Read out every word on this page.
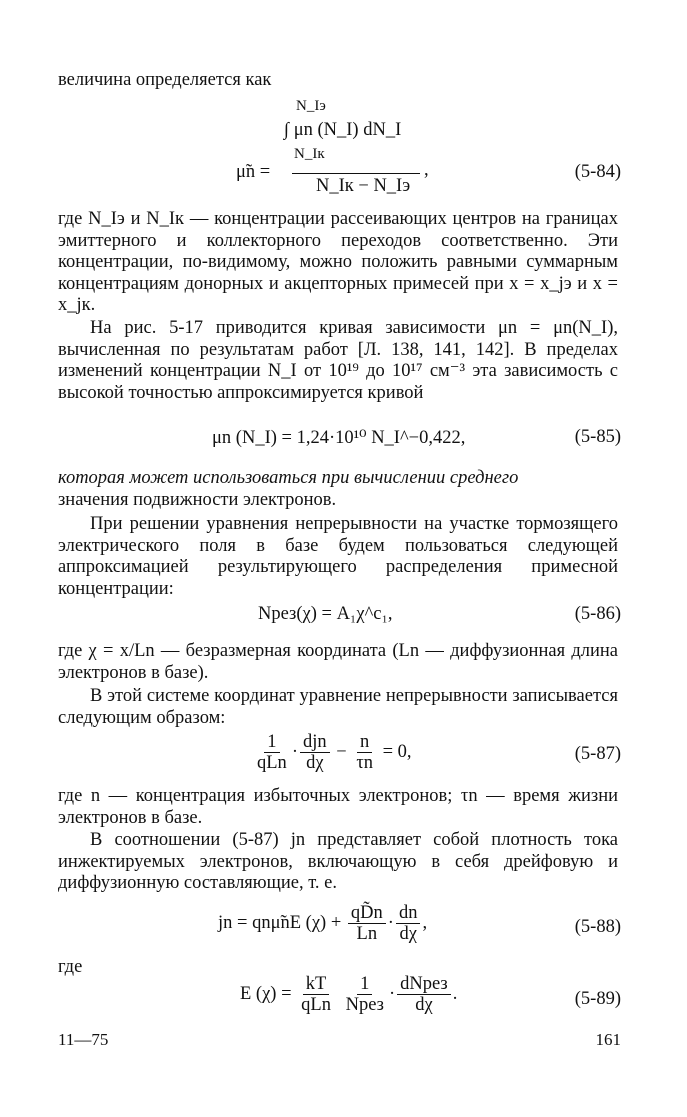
величина определяется как

N_Iэ
∫ μn (N_I) dN_I
N_Iк
μ̃n =
N_Iк − N_Iэ
,	(5-84)

где N_Iэ и N_Iк — концентрации рассеивающих центров на границах эмиттерного и коллекторного переходов соответственно. Эти концентрации, по-видимому, можно положить равными суммарным концентрациям донорных и акцепторных примесей при x = x_jэ и x = x_jк.

На рис. 5-17 приводится кривая зависимости μn = μn(N_I), вычисленная по результатам работ [Л. 138, 141, 142]. В пределах изменений концентрации N_I от 10¹⁹ до 10¹⁷ см⁻³ эта зависимость с высокой точностью аппроксимируется кривой

μn (N_I) = 1,24·10¹⁰ N_I^−0,422,	(5-85)

которая может использоваться при вычислении среднего
значения подвижности электронов.

При решении уравнения непрерывности на участке тормозящего электрического поля в базе будем пользоваться следующей аппроксимацией результирующего распределения примесной концентрации:

Nрез(χ) = A₁χ^c₁,	(5-86)

где χ = x/Ln — безразмерная координата (Ln — диффузионная длина электронов в базе).

В этой системе координат уравнение непрерывности записывается следующим образом:

$\frac{1}{\text{qLn}} \cdot \frac{\text{djn}}{d\chi} - \frac{n}{\tau n} = 0$,	(5-87)

где n — концентрация избыточных электронов; τn — время жизни электронов в базе.

В соотношении (5-87) jn представляет собой плотность тока инжектируемых электронов, включающую в себя дрейфовую и диффузионную составляющие, т. е.

jn = qnμ̃nE $(\chi) + \frac{qD̃n}{Ln} \cdot \frac{dn}{d\chi}$ ,	(5-88)
где
E $(\chi) = \frac{kT}{\text{qLn}}$
$\frac{1}{\text{Nрез}} \cdot \frac{\text{dNрез}}{d\chi}$ .	(5-89)
11—75	161
